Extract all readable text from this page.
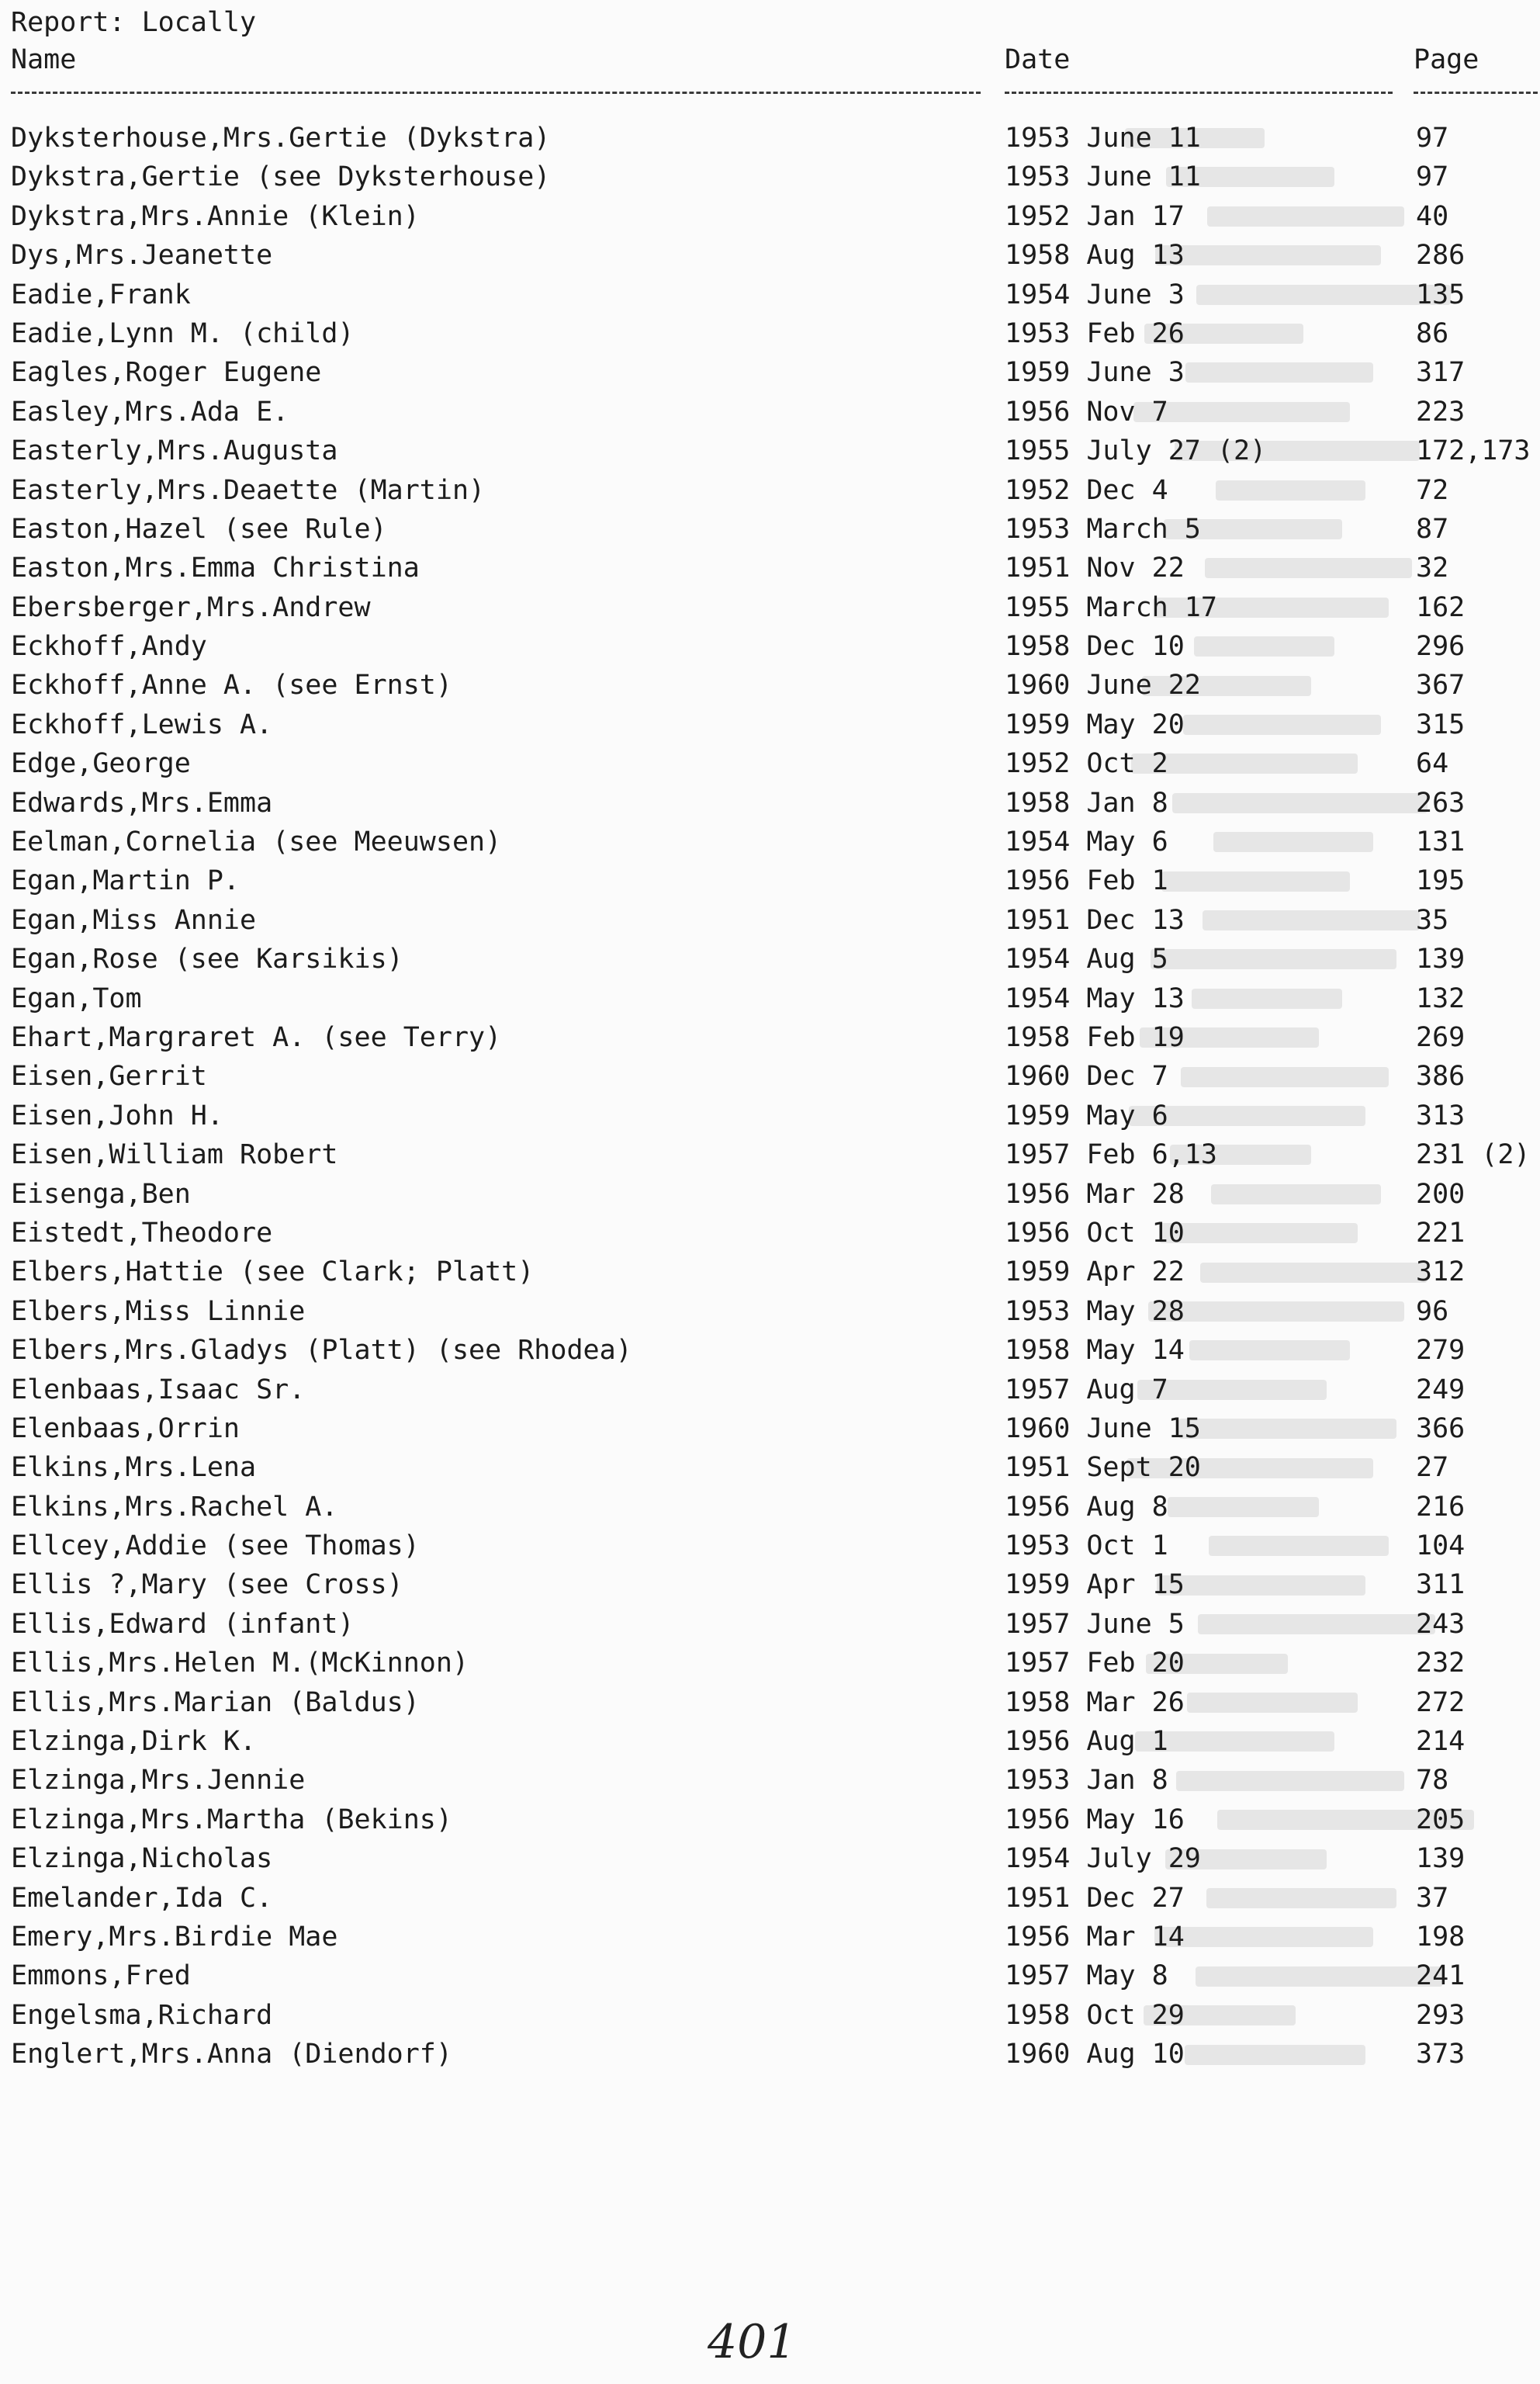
Report: Locally
Name	Date	Page
Dyksterhouse,Mrs.Gertie (Dykstra)	1953 June 11	97
Dykstra,Gertie (see Dyksterhouse)	1953 June 11	97
Dykstra,Mrs.Annie (Klein)	1952 Jan 17	40
Dys,Mrs.Jeanette	1958 Aug 13	286
Eadie,Frank	1954 June 3	135
Eadie,Lynn M. (child)	1953 Feb 26	86
Eagles,Roger Eugene	1959 June 3	317
Easley,Mrs.Ada E.	1956 Nov 7	223
Easterly,Mrs.Augusta	1955 July 27 (2)	172,173
Easterly,Mrs.Deaette (Martin)	1952 Dec 4	72
Easton,Hazel (see Rule)	1953 March 5	87
Easton,Mrs.Emma Christina	1951 Nov 22	32
Ebersberger,Mrs.Andrew	1955 March 17	162
Eckhoff,Andy	1958 Dec 10	296
Eckhoff,Anne A. (see Ernst)	1960 June 22	367
Eckhoff,Lewis A.	1959 May 20	315
Edge,George	1952 Oct 2	64
Edwards,Mrs.Emma	1958 Jan 8	263
Eelman,Cornelia (see Meeuwsen)	1954 May 6	131
Egan,Martin P.	1956 Feb 1	195
Egan,Miss Annie	1951 Dec 13	35
Egan,Rose (see Karsikis)	1954 Aug 5	139
Egan,Tom	1954 May 13	132
Ehart,Margraret A. (see Terry)	1958 Feb 19	269
Eisen,Gerrit	1960 Dec 7	386
Eisen,John H.	1959 May 6	313
Eisen,William Robert	1957 Feb 6,13	231 (2)
Eisenga,Ben	1956 Mar 28	200
Eistedt,Theodore	1956 Oct 10	221
Elbers,Hattie (see Clark; Platt)	1959 Apr 22	312
Elbers,Miss Linnie	1953 May 28	96
Elbers,Mrs.Gladys (Platt) (see Rhodea)	1958 May 14	279
Elenbaas,Isaac Sr.	1957 Aug 7	249
Elenbaas,Orrin	1960 June 15	366
Elkins,Mrs.Lena	1951 Sept 20	27
Elkins,Mrs.Rachel A.	1956 Aug 8	216
Ellcey,Addie (see Thomas)	1953 Oct 1	104
Ellis ?,Mary (see Cross)	1959 Apr 15	311
Ellis,Edward (infant)	1957 June 5	243
Ellis,Mrs.Helen M.(McKinnon)	1957 Feb 20	232
Ellis,Mrs.Marian (Baldus)	1958 Mar 26	272
Elzinga,Dirk K.	1956 Aug 1	214
Elzinga,Mrs.Jennie	1953 Jan 8	78
Elzinga,Mrs.Martha (Bekins)	1956 May 16	205
Elzinga,Nicholas	1954 July 29	139
Emelander,Ida C.	1951 Dec 27	37
Emery,Mrs.Birdie Mae	1956 Mar 14	198
Emmons,Fred	1957 May 8	241
Engelsma,Richard	1958 Oct 29	293
Englert,Mrs.Anna (Diendorf)	1960 Aug 10	373
401
